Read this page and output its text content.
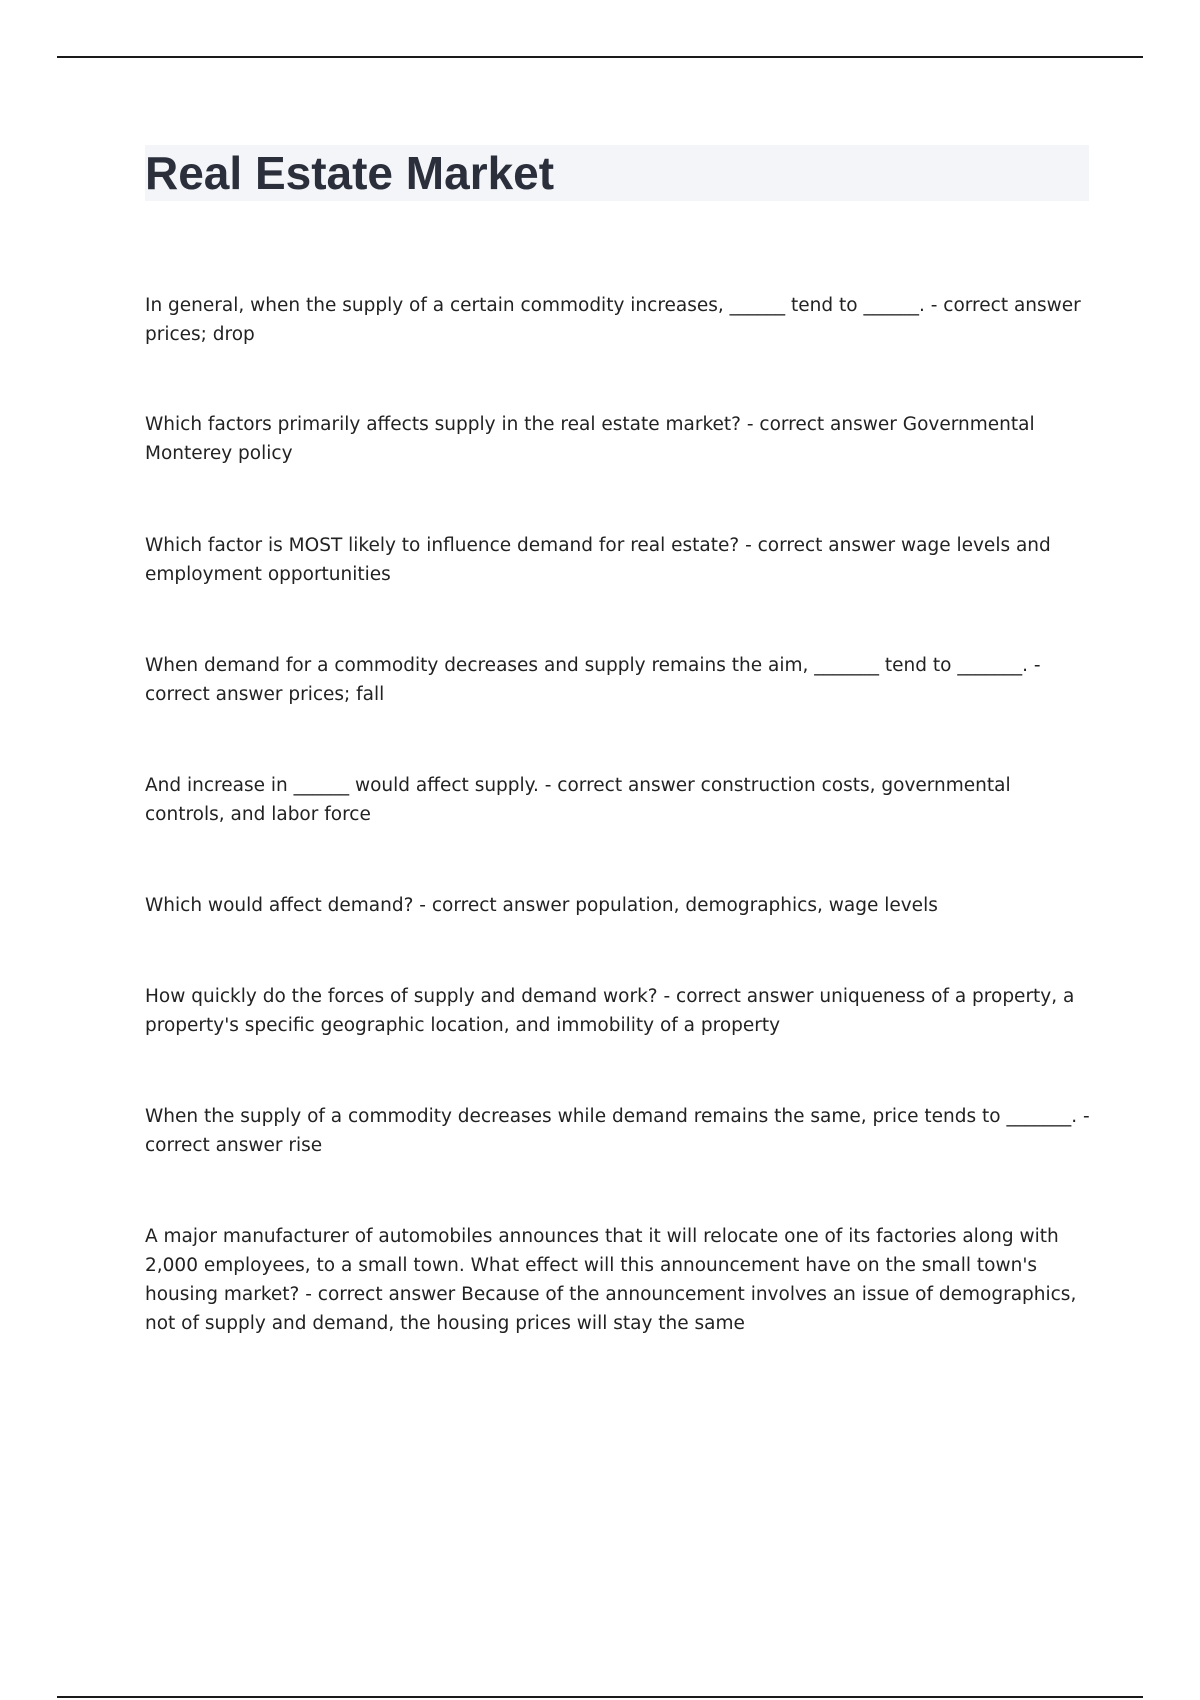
Real Estate Market

In general, when the supply of a certain commodity increases, ______ tend to ______. - correct answer prices; drop

Which factors primarily affects supply in the real estate market? - correct answer Governmental Monterey policy

Which factor is MOST likely to influence demand for real estate? - correct answer wage levels and employment opportunities

When demand for a commodity decreases and supply remains the aim, _______ tend to _______. - correct answer prices; fall

And increase in ______ would affect supply. - correct answer construction costs, governmental controls, and labor force

Which would affect demand? - correct answer population, demographics, wage levels

How quickly do the forces of supply and demand work? - correct answer uniqueness of a property, a property's specific geographic location, and immobility of a property

When the supply of a commodity decreases while demand remains the same, price tends to _______. - correct answer rise

A major manufacturer of automobiles announces that it will relocate one of its factories along with 2,000 employees, to a small town. What effect will this announcement have on the small town's housing market? - correct answer Because of the announcement involves an issue of demographics, not of supply and demand, the housing prices will stay the same
